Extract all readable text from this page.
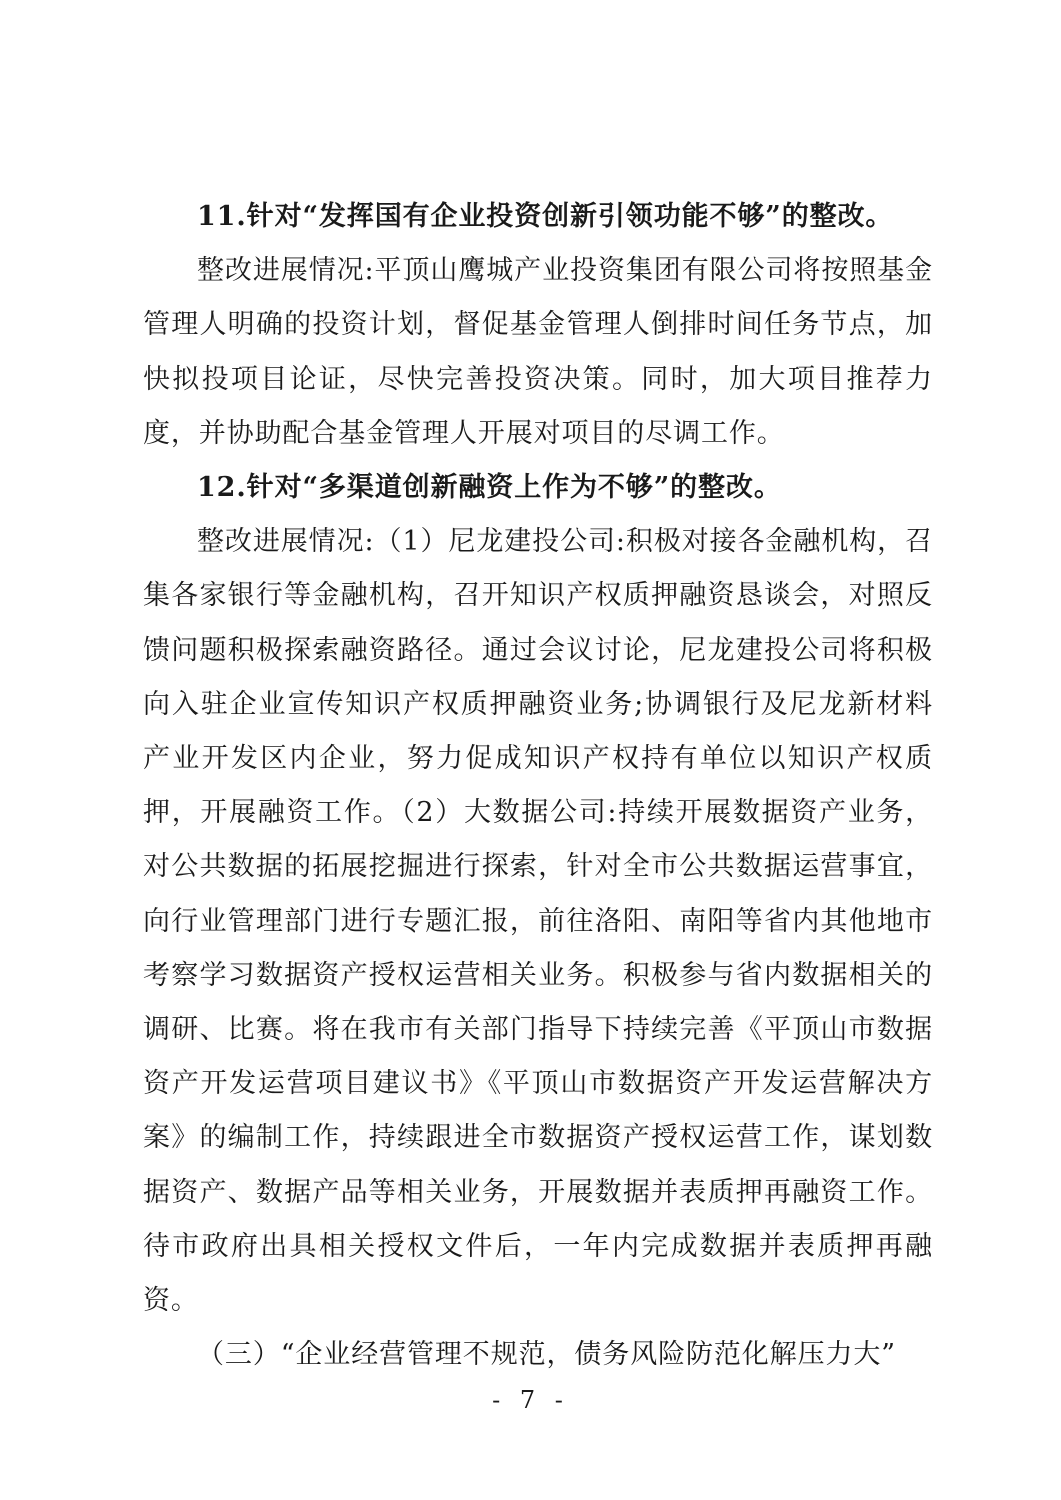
11.针对“发挥国有企业投资创新引领功能不够”的整改。

整改进展情况:平顶山鹰城产业投资集团有限公司将按照基金管理人明确的投资计划，督促基金管理人倒排时间任务节点，加快拟投项目论证，尽快完善投资决策。同时，加大项目推荐力度，并协助配合基金管理人开展对项目的尽调工作。

12.针对“多渠道创新融资上作为不够”的整改。

整改进展情况:（1）尼龙建投公司:积极对接各金融机构，召集各家银行等金融机构，召开知识产权质押融资恳谈会，对照反馈问题积极探索融资路径。通过会议讨论，尼龙建投公司将积极向入驻企业宣传知识产权质押融资业务;协调银行及尼龙新材料产业开发区内企业，努力促成知识产权持有单位以知识产权质押，开展融资工作。（2）大数据公司:持续开展数据资产业务，对公共数据的拓展挖掘进行探索，针对全市公共数据运营事宜，向行业管理部门进行专题汇报，前往洛阳、南阳等省内其他地市考察学习数据资产授权运营相关业务。积极参与省内数据相关的调研、比赛。将在我市有关部门指导下持续完善《平顶山市数据资产开发运营项目建议书》《平顶山市数据资产开发运营解决方案》的编制工作，持续跟进全市数据资产授权运营工作，谋划数据资产、数据产品等相关业务，开展数据并表质押再融资工作。待市政府出具相关授权文件后，一年内完成数据并表质押再融资。

（三）“企业经营管理不规范，债务风险防范化解压力大”

- 7 -
